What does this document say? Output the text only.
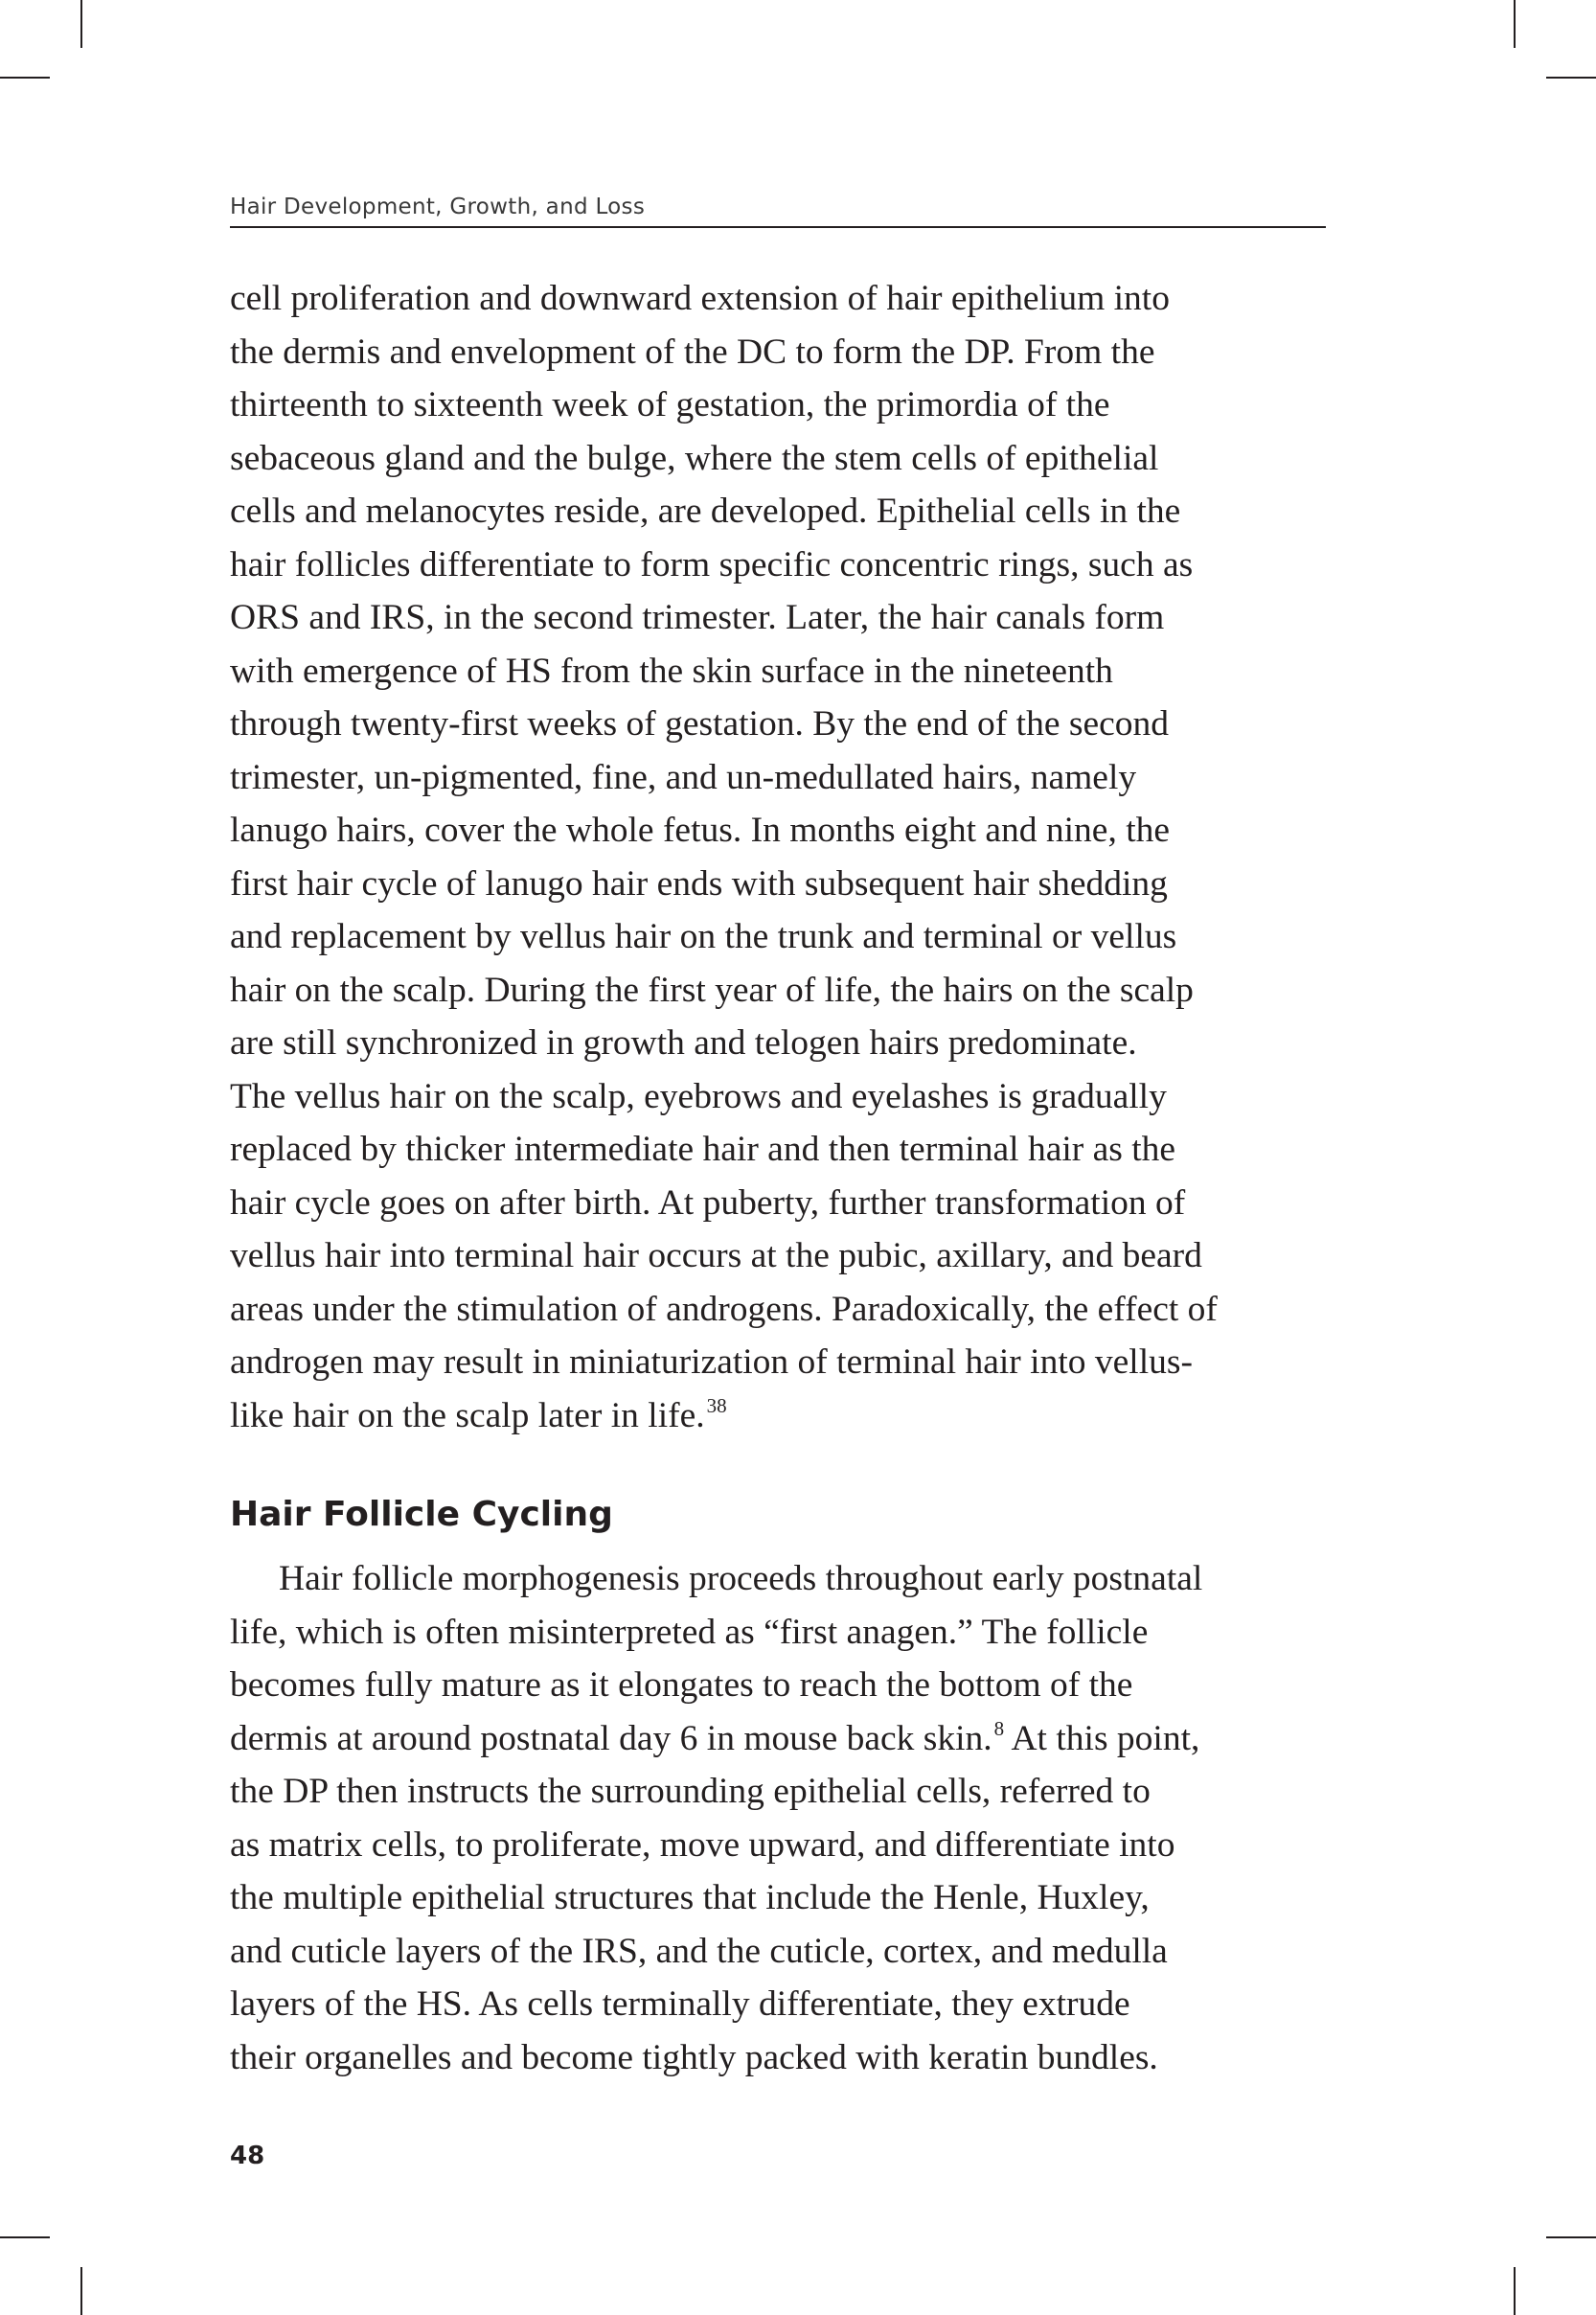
Hair Development, Growth, and Loss
cell proliferation and downward extension of hair epithelium into
the dermis and envelopment of the DC to form the DP. From the
thirteenth to sixteenth week of gestation, the primordia of the
sebaceous gland and the bulge, where the stem cells of epithelial
cells and melanocytes reside, are developed. Epithelial cells in the
hair follicles differentiate to form specific concentric rings, such as
ORS and IRS, in the second trimester. Later, the hair canals form
with emergence of HS from the skin surface in the nineteenth
through twenty-first weeks of gestation. By the end of the second
trimester, un-pigmented, fine, and un-medullated hairs, namely
lanugo hairs, cover the whole fetus. In months eight and nine, the
first hair cycle of lanugo hair ends with subsequent hair shedding
and replacement by vellus hair on the trunk and terminal or vellus
hair on the scalp. During the first year of life, the hairs on the scalp
are still synchronized in growth and telogen hairs predominate.
The vellus hair on the scalp, eyebrows and eyelashes is gradually
replaced by thicker intermediate hair and then terminal hair as the
hair cycle goes on after birth. At puberty, further transformation of
vellus hair into terminal hair occurs at the pubic, axillary, and beard
areas under the stimulation of androgens. Paradoxically, the effect of
androgen may result in miniaturization of terminal hair into vellus-
like hair on the scalp later in life.$^{38}$
Hair Follicle Cycling
Hair follicle morphogenesis proceeds throughout early postnatal
life, which is often misinterpreted as “first anagen.” The follicle
becomes fully mature as it elongates to reach the bottom of the
dermis at around postnatal day 6 in mouse back skin.$^8$ At this point,
the DP then instructs the surrounding epithelial cells, referred to
as matrix cells, to proliferate, move upward, and differentiate into
the multiple epithelial structures that include the Henle, Huxley,
and cuticle layers of the IRS, and the cuticle, cortex, and medulla
layers of the HS. As cells terminally differentiate, they extrude
their organelles and become tightly packed with keratin bundles.
48
